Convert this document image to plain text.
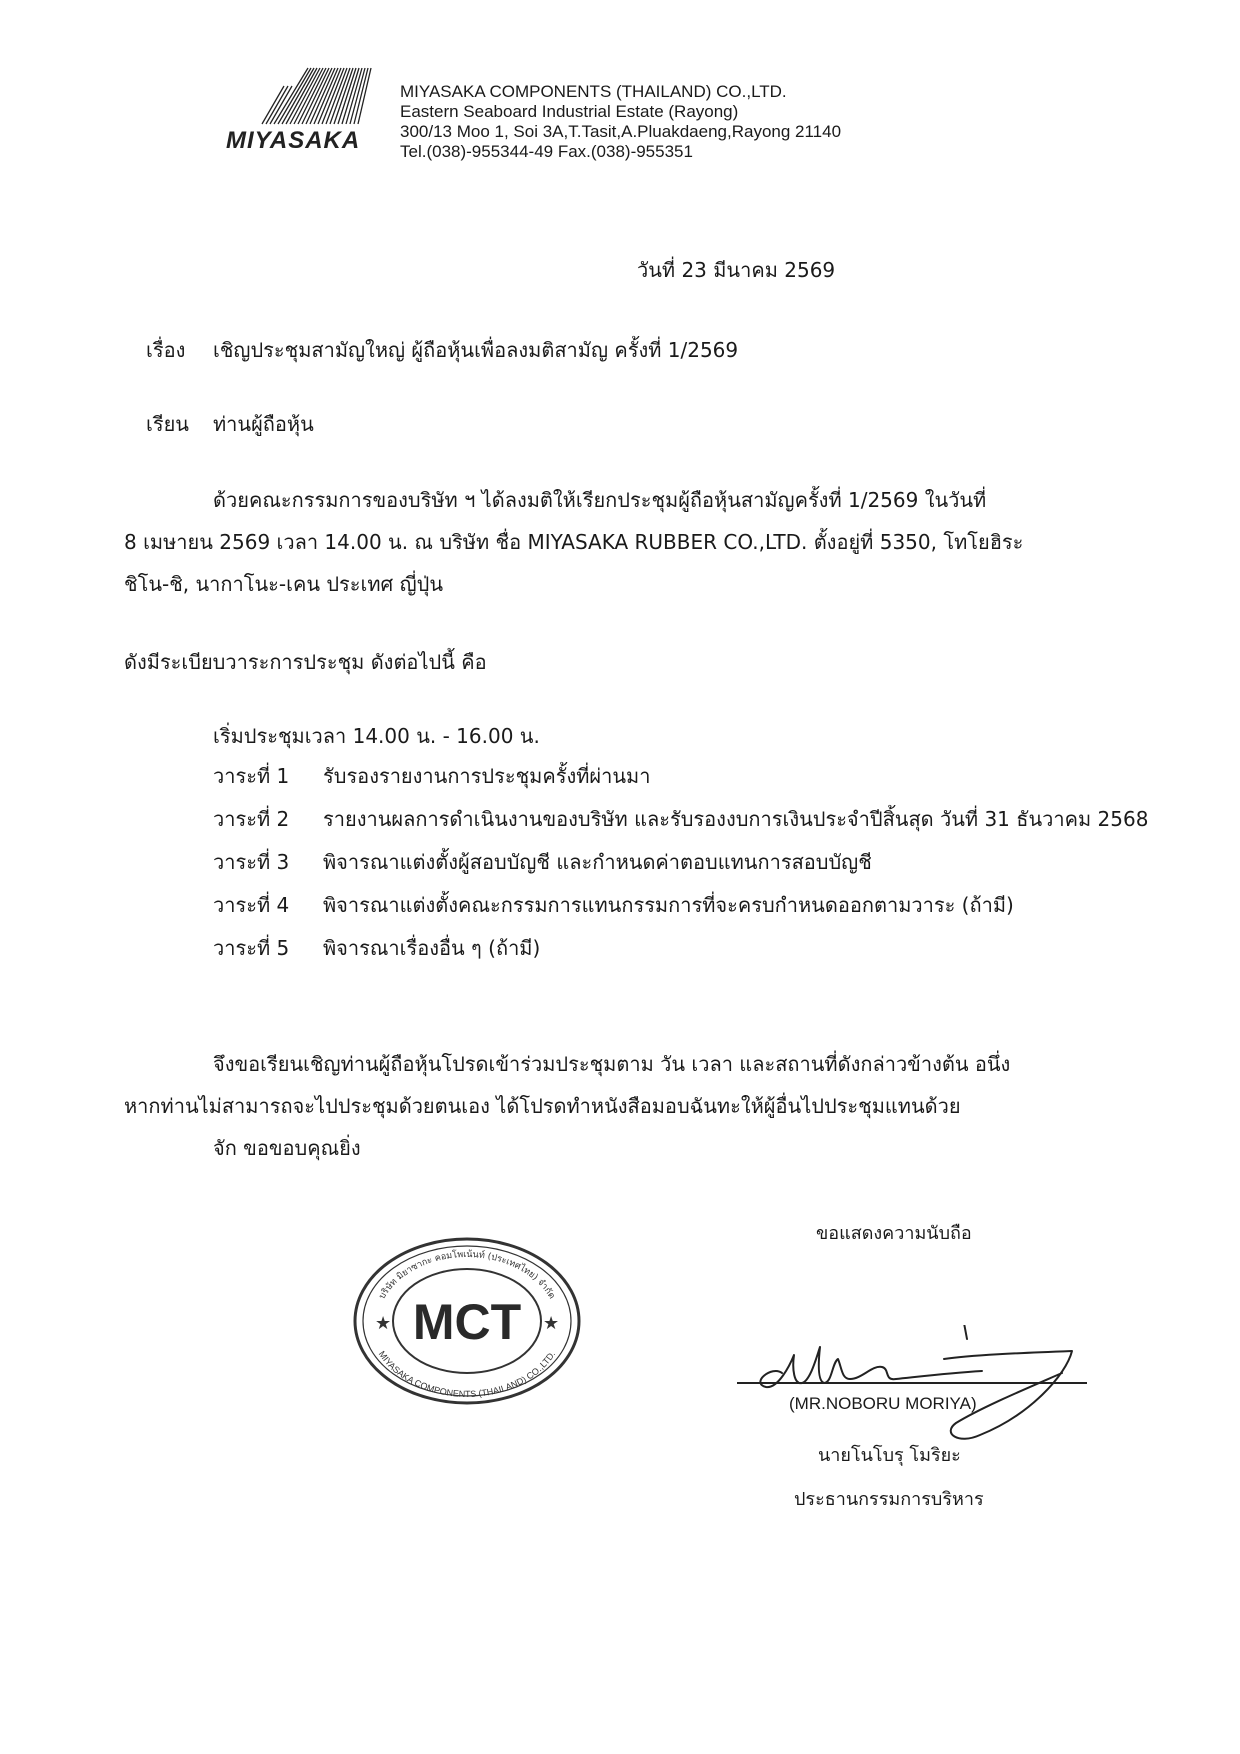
MIYASAKA
MIYASAKA COMPONENTS (THAILAND) CO.,LTD.
Eastern Seaboard Industrial Estate (Rayong)
300/13 Moo 1, Soi 3A,T.Tasit,A.Pluakdaeng,Rayong 21140
Tel.(038)-955344-49 Fax.(038)-955351
วันที่ 23 มีนาคม 2569
เรื่อง เชิญประชุมสามัญใหญ่ ผู้ถือหุ้นเพื่อลงมติสามัญ ครั้งที่ 1/2569
เรียน ท่านผู้ถือหุ้น
ด้วยคณะกรรมการของบริษัท ฯ ได้ลงมติให้เรียกประชุมผู้ถือหุ้นสามัญครั้งที่ 1/2569 ในวันที่
8 เมษายน 2569 เวลา 14.00 น. ณ บริษัท ชื่อ MIYASAKA RUBBER CO.,LTD. ตั้งอยู่ที่ 5350, โทโยฮิระ
ชิโน-ชิ, นากาโนะ-เคน ประเทศ ญี่ปุ่น
ดังมีระเบียบวาระการประชุม ดังต่อไปนี้ คือ
เริ่มประชุมเวลา 14.00 น. - 16.00 น.
วาระที่ 1 รับรองรายงานการประชุมครั้งที่ผ่านมา
วาระที่ 2 รายงานผลการดำเนินงานของบริษัท และรับรองงบการเงินประจำปีสิ้นสุด วันที่ 31 ธันวาคม 2568
วาระที่ 3 พิจารณาแต่งตั้งผู้สอบบัญชี และกำหนดค่าตอบแทนการสอบบัญชี
วาระที่ 4 พิจารณาแต่งตั้งคณะกรรมการแทนกรรมการที่จะครบกำหนดออกตามวาระ (ถ้ามี)
วาระที่ 5 พิจารณาเรื่องอื่น ๆ (ถ้ามี)
จึงขอเรียนเชิญท่านผู้ถือหุ้นโปรดเข้าร่วมประชุมตาม วัน เวลา และสถานที่ดังกล่าวข้างต้น อนึ่ง
หากท่านไม่สามารถจะไปประชุมด้วยตนเอง ได้โปรดทำหนังสือมอบฉันทะให้ผู้อื่นไปประชุมแทนด้วย
จัก ขอขอบคุณยิ่ง
ขอแสดงความนับถือ
บริษัท มิยาซากะ คอมโพเน้นท์ (ประเทศไทย) จำกัด
MIYASAKA COMPONENTS (THAILAND) CO.,LTD.
★	★
MCT
(MR.NOBORU MORIYA)
นายโนโบรุ โมริยะ
ประธานกรรมการบริหาร
